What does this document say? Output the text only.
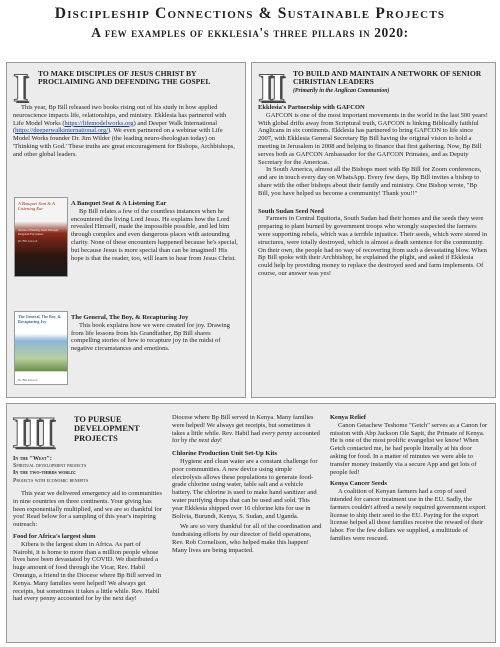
Discipleship Connections & Sustainable Projects
A few examples of ekklesia's three pillars in 2020:
I TO MAKE DISCIPLES OF JESUS CHRIST BY PROCLAIMING AND DEFENDING THE GOSPEL

This year, Bp Bill released two books rising out of his study in how applied neuroscience impacts life, relationships, and ministry. Ekklesia has partnered with Life Model Works (https://lifemodelworks.org) and Deeper Walk International (https://deeperwalkinternational.org/). We even partnered on a webinar with Life Model Works founder Dr. Jim Wilder (the leading neuro-theologian today) on 'Thinking with God.' These truths are great encouragement for Bishops, Archbishops, and other global leaders.

A Banquet Seat & A Listening Ear
Stories of Hearing Jesus Through Kingdom Encounters
Dr. Bill Atwood

A Banquet Seat & A Listening Ear

Bp Bill relates a few of the countless instances when he encountered the living Lord Jesus. He explains how the Lord revealed Himself, made the impossible possible, and led him through complex and even dangerous places with astounding clarity. None of these encounters happened because he's special, but because Jesus is more special than can be imagined! His hope is that the reader, too, will learn to hear from Jesus Christ.

The General, The Boy, & Recapturing Joy
Dr. Bill Atwood

The General, The Boy, & Recapturing Joy

This book explains how we were created for joy. Drawing from life lessons from his Grandfather, Bp Bill shares compelling stories of how to recapture joy in the midst of negative circumstances and emotions.

II TO BUILD AND MAINTAIN A NETWORK OF SENIOR CHRISTIAN LEADERS
(Primarily in the Anglican Communion)

Ekklesia's Partnership with GAFCON

GAFCON is one of the most important movements in the world in the last 500 years! With global drifts away from Scriptural truth, GAFCON is linking Biblically faithful Anglicans in six continents. Ekklesia has partnered to bring GAFCON to life since 2007, with Ekklesia General Secretary Bp Bill having the original vision to hold a meeting in Jerusalem in 2008 and helping to finance that first gathering. Now, Bp Bill serves both as GAFCON Ambassador for the GAFCON Primates, and as Deputy Secretary for the Americas.

In South America, almost all the Bishops meet with Bp Bill for Zoom conferences, and are in touch every day on WhatsApp. Every few days, Bp Bill invites a bishop to share with the other bishops about their family and ministry. One Bishop wrote, "Bp Bill, you have helped us become a community! Thank you!!"

South Sudan Seed Need

Farmers in Central Equitoria, South Sudan had their homes and the seeds they were preparing to plant burned by government troops who wrongly suspected the farmers were supporting rebels, which was a terrible injustice. Their seeds, which were stored in structures, were totally destroyed, which is almost a death sentence for the community. On their own, the people had no way of recovering from such a devastating blow. When Bp Bill spoke with their Archbishop, he explained the plight, and asked if Ekklesia could help by providing money to replace the destroyed seed and farm implements. Of course, our answer was yes!

III	TO PURSUE DEVELOPMENT PROJECTS
In the "West":
Spiritual development projects
In the two-thirds world:
Projects with economic benefits

This year we delivered emergency aid to communities in nine countries on three continents. Your giving has been exponentially multiplied, and we are so thankful for you! Read below for a sampling of this year's inspiring outreach:

Food for Africa's largest slum

Kibera is the largest slum in Africa. As part of Nairobi, it is home to more than a million people whose lives have been devastated by COVID. We distributed a huge amount of food through the Vicar, Rev. Habil Omungu, a friend in the Diocese where Bp Bill served in Kenya. Many families were helped! We always get receipts, but sometimes it takes a little while. Rev. Habil had every penny accounted for by the next day!

Diocese where Bp Bill served in Kenya. Many families were helped! We always get receipts, but sometimes it takes a little while. Rev. Habil had every penny accounted for by the next day!

Chlorine Production Unit Set-Up Kits

Hygiene and clean water are a constant challenge for poor communities. A new device using simple electrolysis allows these populations to generate food-grade chlorine using water, table salt and a vehicle battery. The chlorine is used to make hand sanitizer and water purifying drops that can be used and sold. This year Ekklesia shipped over 16 chlorine kits for use in Bolivia, Burundi, Kenya, S. Sudan, and Uganda.

We are so very thankful for all of the coordination and fundraising efforts by our director of field operations, Rev. Rob Cornelison, who helped make this happen! Many lives are being impacted.

Kenya Relief

Canon Getachew Teshome "Getch" serves as a Canon for mission with Abp Jackson Ole Sapit, the Primate of Kenya. He is one of the most prolific evangelist we know! When Getch contacted me, he had people literally at his door asking for food. In a matter of minutes we were able to transfer money instantly via a secure App and get lots of people fed!

Kenya Cancer Seeds

A coalition of Kenyan farmers had a crop of seed intended for cancer treatment use in the EU. Sadly, the farmers couldn't afford a newly required government export license to ship their seed to the EU. Paying for the export license helped all those families receive the reward of their labor. For the few dollars we supplied, a multitude of families were rescued.
